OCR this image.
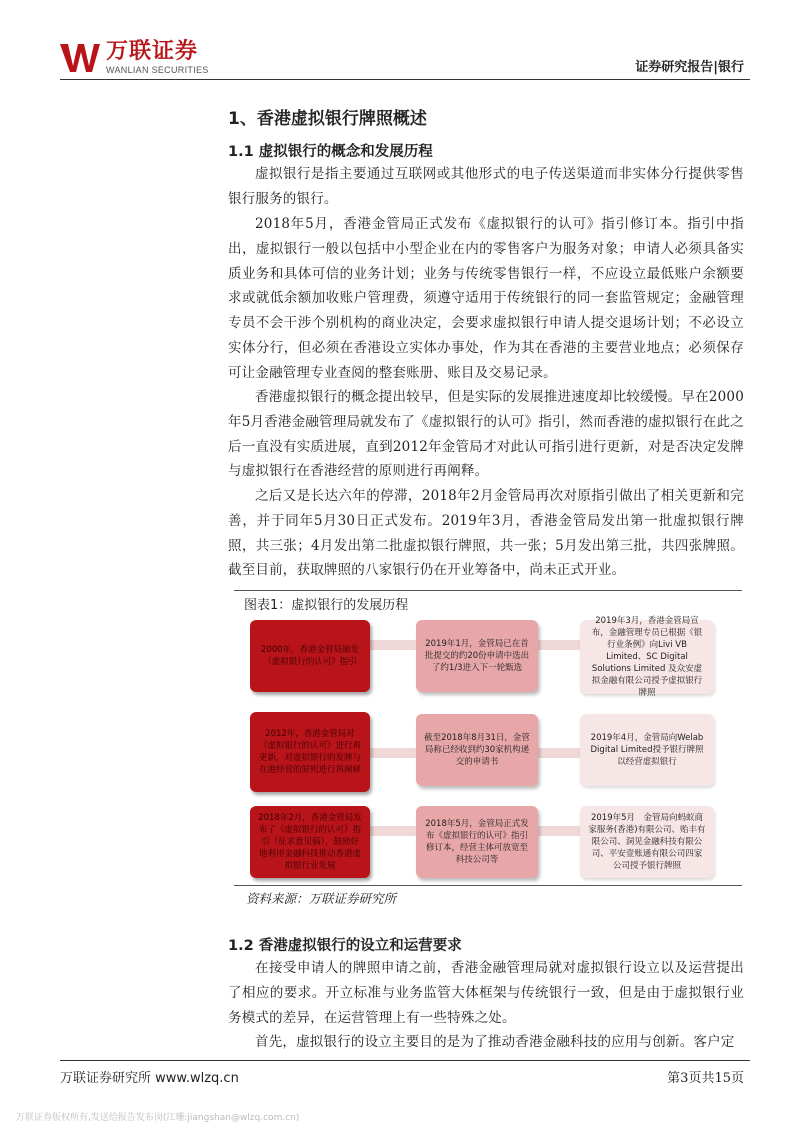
万联证券
WANLIAN SECURITIES	证券研究报告|银行
1、香港虚拟银行牌照概述
1.1 虚拟银行的概念和发展历程

虚拟银行是指主要通过互联网或其他形式的电子传送渠道而非实体分行提供零售银行服务的银行。

2018年5月，香港金管局正式发布《虚拟银行的认可》指引修订本。指引中指出，虚拟银行一般以包括中小型企业在内的零售客户为服务对象；申请人必须具备实质业务和具体可信的业务计划；业务与传统零售银行一样，不应设立最低账户余额要求或就低余额加收账户管理费，须遵守适用于传统银行的同一套监管规定；金融管理专员不会干涉个别机构的商业决定，会要求虚拟银行申请人提交退场计划；不必设立实体分行，但必须在香港设立实体办事处，作为其在香港的主要营业地点；必须保存可让金融管理专业查阅的整套账册、账目及交易记录。

香港虚拟银行的概念提出较早，但是实际的发展推进速度却比较缓慢。早在2000年5月香港金融管理局就发布了《虚拟银行的认可》指引，然而香港的虚拟银行在此之后一直没有实质进展，直到2012年金管局才对此认可指引进行更新，对是否决定发牌与虚拟银行在香港经营的原则进行再阐释。

之后又是长达六年的停滞，2018年2月金管局再次对原指引做出了相关更新和完善，并于同年5月30日正式发布。2019年3月，香港金管局发出第一批虚拟银行牌照，共三张；4月发出第二批虚拟银行牌照，共一张；5月发出第三批，共四张牌照。截至目前，获取牌照的八家银行仍在开业筹备中，尚未正式开业。

图表1：虚拟银行的发展历程
2000年，香港金管局颁发《虚拟银行的认可》指引
2012年，香港金管局对《虚拟银行的认可》进行再更新，对虚拟银行的发牌与在港经营的原则进行再阐释
2018年2月，香港金管局发布了《虚拟银行的认可》指引（征求意见稿），鼓励好地利用金融科技推动香港虚拟银行业发展
2019年1月，金管局已在首批提交的约20份申请中选出了约1/3进入下一轮甄选
截至2018年8月31日，金管局称已经收到约30家机构递交的申请书
2018年5月，金管局正式发布《虚拟银行的认可》指引修订本，经营主体可放宽至科技公司等
2019年3月，香港金管局宣布，金融管理专员已根据《银行业条例》向Livi VB Limited、SC Digital Solutions Limited 及众安虚拟金融有限公司授予虚拟银行牌照
2019年4月，金管局向Welab Digital Limited授予银行牌照以经营虚拟银行
2019年5月　金管局向蚂蚁商家服务(香港)有限公司、贻丰有限公司、洞见金融科技有限公司、平安壹账通有限公司四家公司授予银行牌照
资料来源：万联证券研究所
1.2 香港虚拟银行的设立和运营要求

在接受申请人的牌照申请之前，香港金融管理局就对虚拟银行设立以及运营提出了相应的要求。开立标准与业务监管大体框架与传统银行一致，但是由于虚拟银行业务模式的差异，在运营管理上有一些特殊之处。

首先，虚拟银行的设立主要目的是为了推动香港金融科技的应用与创新。客户定

万联证券研究所 www.wlzq.cn	第3页共15页
万联证券版权所有,发送给报告发布岗(江珊:jiangshan@wlzq.com.cn)
